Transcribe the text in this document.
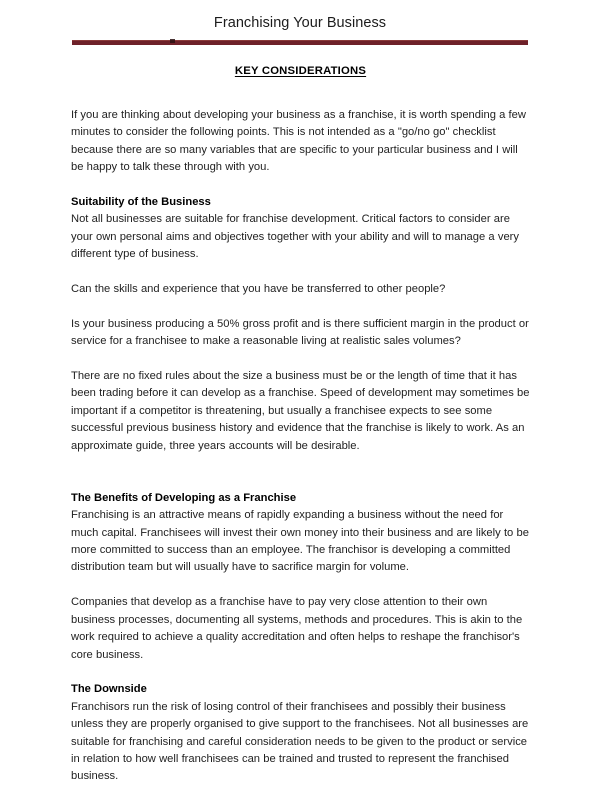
Franchising Your Business
KEY CONSIDERATIONS

If you are thinking about developing your business as a franchise, it is worth spending a few minutes to consider the following points. This is not intended as a "go/no go" checklist because there are so many variables that are specific to your particular business and I will be happy to talk these through with you.

Suitability of the Business

Not all businesses are suitable for franchise development. Critical factors to consider are your own personal aims and objectives together with your ability and will to manage a very different type of business.

Can the skills and experience that you have be transferred to other people?

Is your business producing a 50% gross profit and is there sufficient margin in the product or service for a franchisee to make a reasonable living at realistic sales volumes?

There are no fixed rules about the size a business must be or the length of time that it has been trading before it can develop as a franchise. Speed of development may sometimes be important if a competitor is threatening, but usually a franchisee expects to see some successful previous business history and evidence that the franchise is likely to work. As an approximate guide, three years accounts will be desirable.

The Benefits of Developing as a Franchise

Franchising is an attractive means of rapidly expanding a business without the need for much capital. Franchisees will invest their own money into their business and are likely to be more committed to success than an employee. The franchisor is developing a committed distribution team but will usually have to sacrifice margin for volume.

Companies that develop as a franchise have to pay very close attention to their own business processes, documenting all systems, methods and procedures. This is akin to the work required to achieve a quality accreditation and often helps to reshape the franchisor's core business.

The Downside

Franchisors run the risk of losing control of their franchisees and possibly their business unless they are properly organised to give support to the franchisees. Not all businesses are suitable for franchising and careful consideration needs to be given to the product or service in relation to how well franchisees can be trained and trusted to represent the franchised business.
